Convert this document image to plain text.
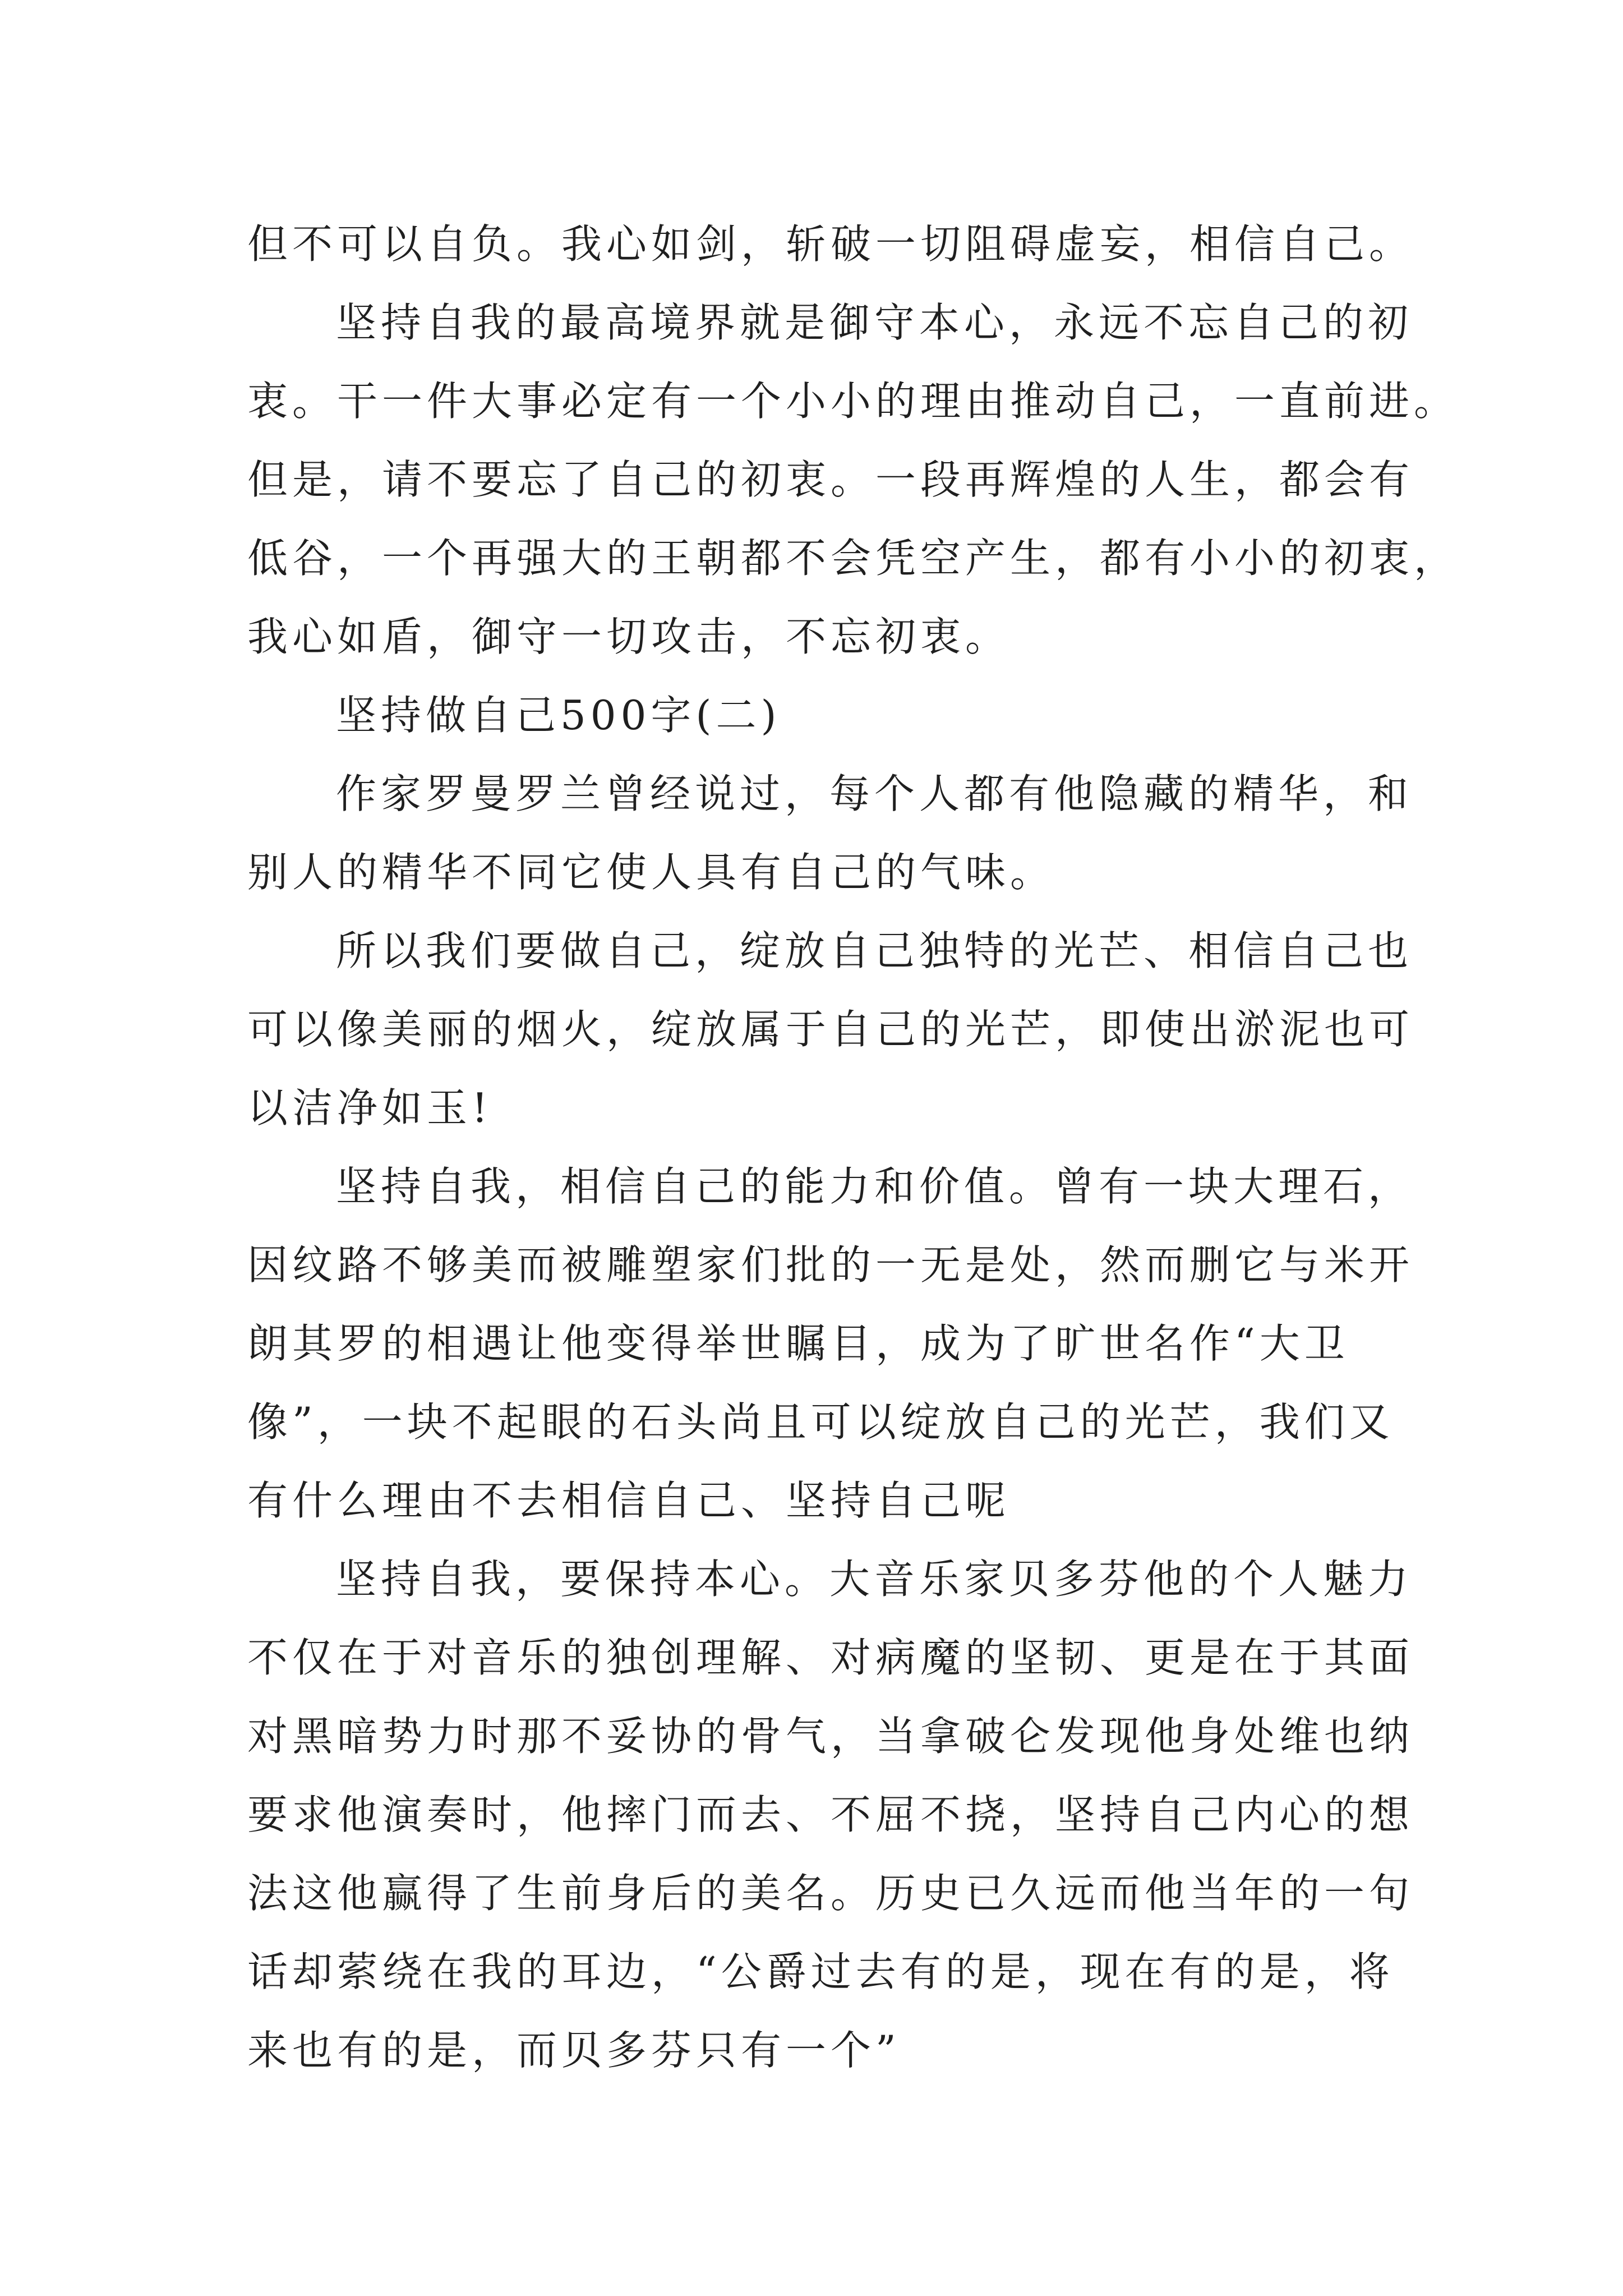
但不可以自负。我心如剑，斩破一切阻碍虚妄，相信自己。
坚持自我的最高境界就是御守本心，永远不忘自己的初
衷。干一件大事必定有一个小小的理由推动自己，一直前进。
但是，请不要忘了自己的初衷。一段再辉煌的人生，都会有
低谷，一个再强大的王朝都不会凭空产生，都有小小的初衷，
我心如盾，御守一切攻击，不忘初衷。
坚持做自己500字(二)
作家罗曼罗兰曾经说过，每个人都有他隐藏的精华，和
别人的精华不同它使人具有自己的气味。
所以我们要做自己，绽放自己独特的光芒、相信自己也
可以像美丽的烟火，绽放属于自己的光芒，即使出淤泥也可
以洁净如玉!
坚持自我，相信自己的能力和价值。曾有一块大理石，
因纹路不够美而被雕塑家们批的一无是处，然而删它与米开
朗其罗的相遇让他变得举世瞩目，成为了旷世名作“大卫
像”，一块不起眼的石头尚且可以绽放自己的光芒，我们又
有什么理由不去相信自己、坚持自己呢
坚持自我，要保持本心。大音乐家贝多芬他的个人魅力
不仅在于对音乐的独创理解、对病魔的坚韧、更是在于其面
对黑暗势力时那不妥协的骨气，当拿破仑发现他身处维也纳
要求他演奏时，他摔门而去、不屈不挠，坚持自己内心的想
法这他赢得了生前身后的美名。历史已久远而他当年的一句
话却萦绕在我的耳边，“公爵过去有的是，现在有的是，将
来也有的是，而贝多芬只有一个”
